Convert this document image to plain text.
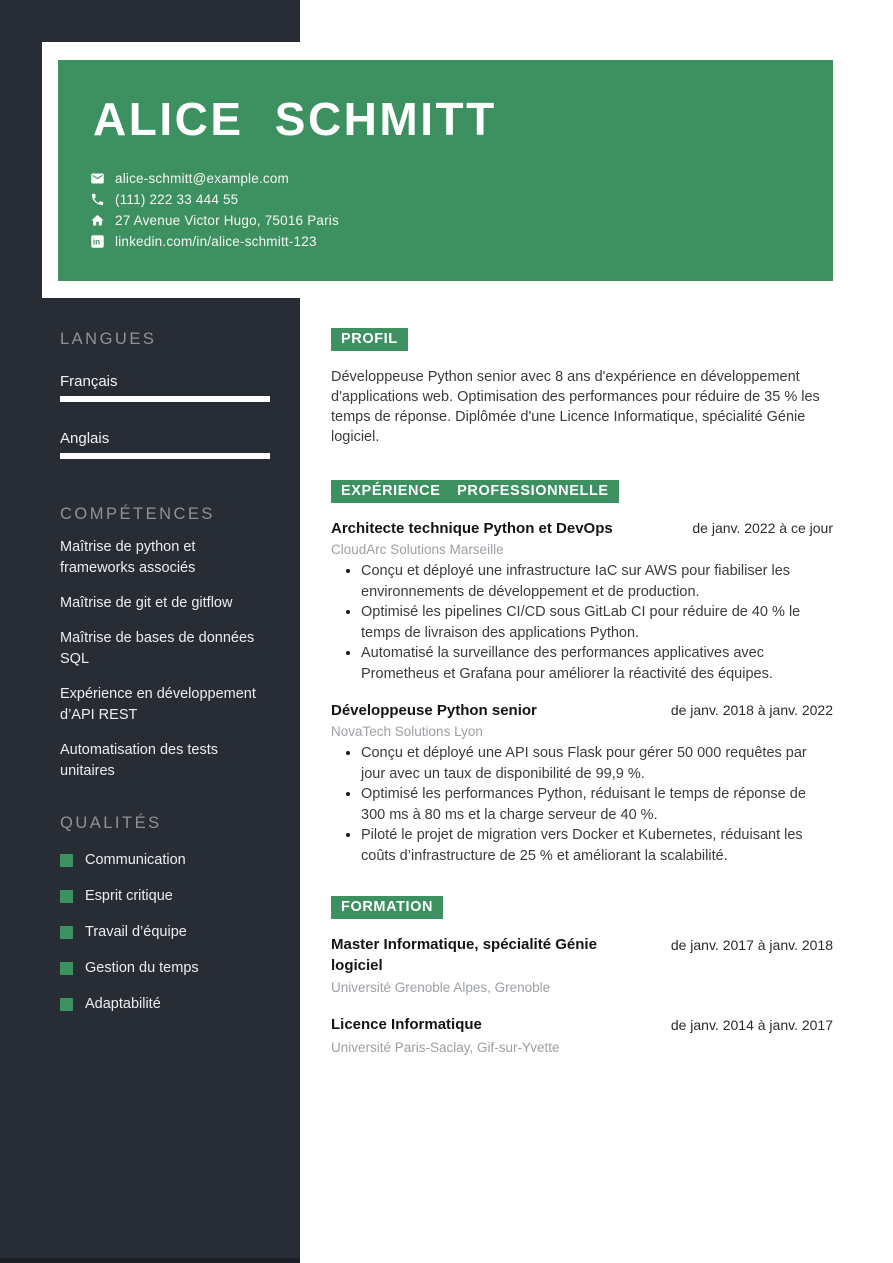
ALICE SCHMITT
alice-schmitt@example.com
(111) 222 33 444 55
27 Avenue Victor Hugo, 75016 Paris
in linkedin.com/in/alice-schmitt-123
LANGUES
Français
Anglais
COMPÉTENCES
Maîtrise de python et frameworks associés
Maîtrise de git et de gitflow
Maîtrise de bases de données SQL
Expérience en développement d’API REST
Automatisation des tests unitaires
QUALITÉS
Communication
Esprit critique
Travail d’équipe
Gestion du temps
Adaptabilité
PROFIL

Développeuse Python senior avec 8 ans d'expérience en développement d'applications web. Optimisation des performances pour réduire de 35 % les temps de réponse. Diplômée d'une Licence Informatique, spécialité Génie logiciel.

EXPÉRIENCE PROFESSIONNELLE
Architecte technique Python et DevOps	de janv. 2022 à ce jour
CloudArc Solutions Marseille
• Conçu et déployé une infrastructure IaC sur AWS pour fiabiliser les environnements de développement et de production.
• Optimisé les pipelines CI/CD sous GitLab CI pour réduire de 40 % le temps de livraison des applications Python.
• Automatisé la surveillance des performances applicatives avec Prometheus et Grafana pour améliorer la réactivité des équipes.
Développeuse Python senior	de janv. 2018 à janv. 2022
NovaTech Solutions Lyon
• Conçu et déployé une API sous Flask pour gérer 50 000 requêtes par jour avec un taux de disponibilité de 99,9 %.
• Optimisé les performances Python, réduisant le temps de réponse de 300 ms à 80 ms et la charge serveur de 40 %.
• Piloté le projet de migration vers Docker et Kubernetes, réduisant les coûts d’infrastructure de 25 % et améliorant la scalabilité.
FORMATION
Master Informatique, spécialité Génie logiciel
Université Grenoble Alpes, Grenoble
de janv. 2017 à janv. 2018
Licence Informatique
Université Paris-Saclay, Gif-sur-Yvette
de janv. 2014 à janv. 2017
